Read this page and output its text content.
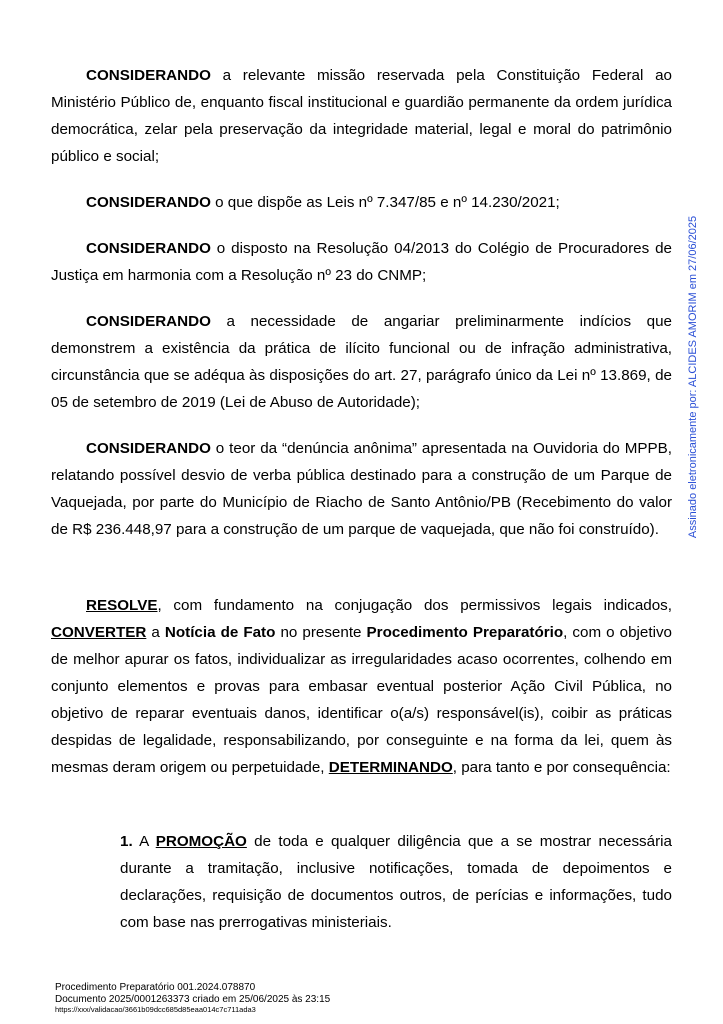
CONSIDERANDO a relevante missão reservada pela Constituição Federal ao Ministério Público de, enquanto fiscal institucional e guardião permanente da ordem jurídica democrática, zelar pela preservação da integridade material, legal e moral do patrimônio público e social;

CONSIDERANDO o que dispõe as Leis nº 7.347/85 e nº 14.230/2021;

CONSIDERANDO o disposto na Resolução 04/2013 do Colégio de Procuradores de Justiça em harmonia com a Resolução nº 23 do CNMP;

CONSIDERANDO a necessidade de angariar preliminarmente indícios que demonstrem a existência da prática de ilícito funcional ou de infração administrativa, circunstância que se adéqua às disposições do art. 27, parágrafo único da Lei nº 13.869, de 05 de setembro de 2019 (Lei de Abuso de Autoridade);

CONSIDERANDO o teor da “denúncia anônima” apresentada na Ouvidoria do MPPB, relatando possível desvio de verba pública destinado para a construção de um Parque de Vaquejada, por parte do Município de Riacho de Santo Antônio/PB (Recebimento do valor de R$ 236.448,97 para a construção de um parque de vaquejada, que não foi construído).

RESOLVE, com fundamento na conjugação dos permissivos legais indicados, CONVERTER a Notícia de Fato no presente Procedimento Preparatório, com o objetivo de melhor apurar os fatos, individualizar as irregularidades acaso ocorrentes, colhendo em conjunto elementos e provas para embasar eventual posterior Ação Civil Pública, no objetivo de reparar eventuais danos, identificar o(a/s) responsável(is), coibir as práticas despidas de legalidade, responsabilizando, por conseguinte e na forma da lei, quem às mesmas deram origem ou perpetuidade, DETERMINANDO, para tanto e por consequência:

1. A PROMOÇÃO de toda e qualquer diligência que a se mostrar necessária durante a tramitação, inclusive notificações, tomada de depoimentos e declarações, requisição de documentos outros, de perícias e informações, tudo com base nas prerrogativas ministeriais.

Assinado eletronicamente por: ALCIDES AMORIM em 27/06/2025
Procedimento Preparatório 001.2024.078870
Documento 2025/0001263373 criado em 25/06/2025 às 23:15
https://xxx/validacao/3661b09dcc685d85eaa014c7c711ada3
